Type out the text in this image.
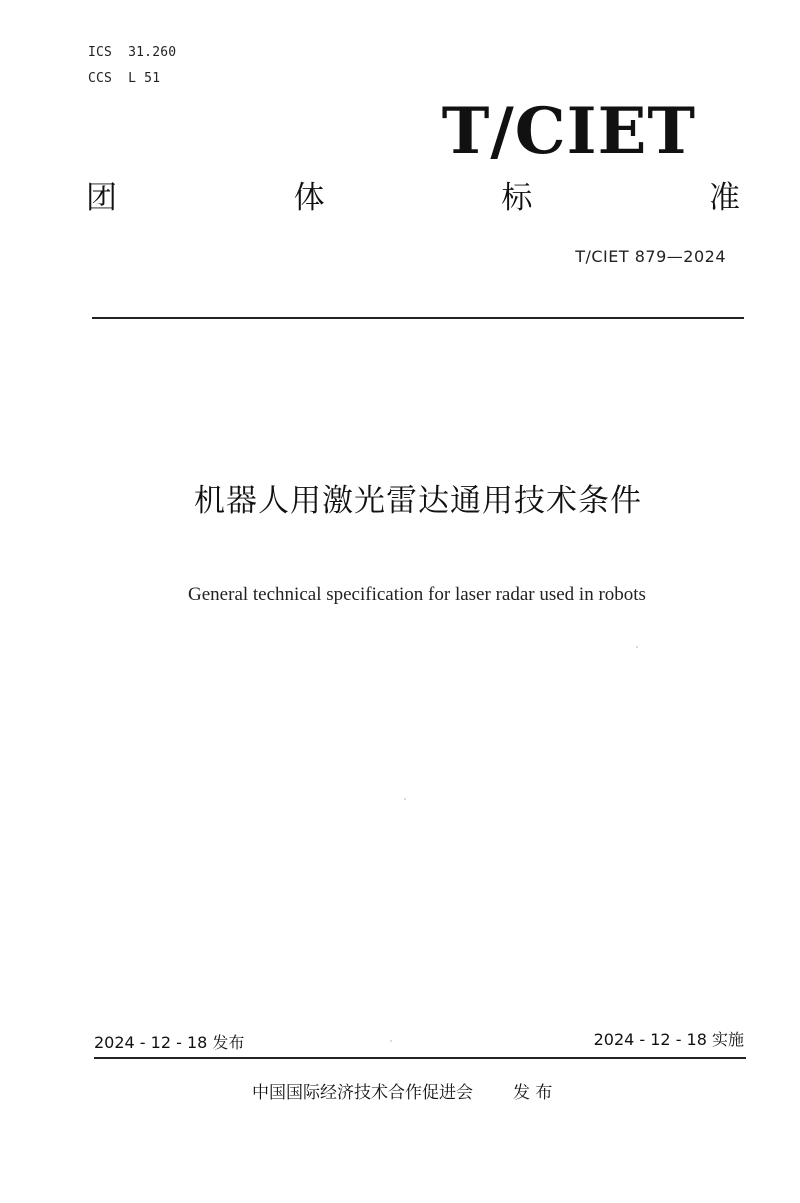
ICS  31.260
CCS  L 51
T/CIET
团	体	标	准
T/CIET 879—2024
机器人用激光雷达通用技术条件
General technical specification for laser radar used in robots
2024 - 12 - 18 发布	2024 - 12 - 18 实施
中国国际经济技术合作促进会 发 布
